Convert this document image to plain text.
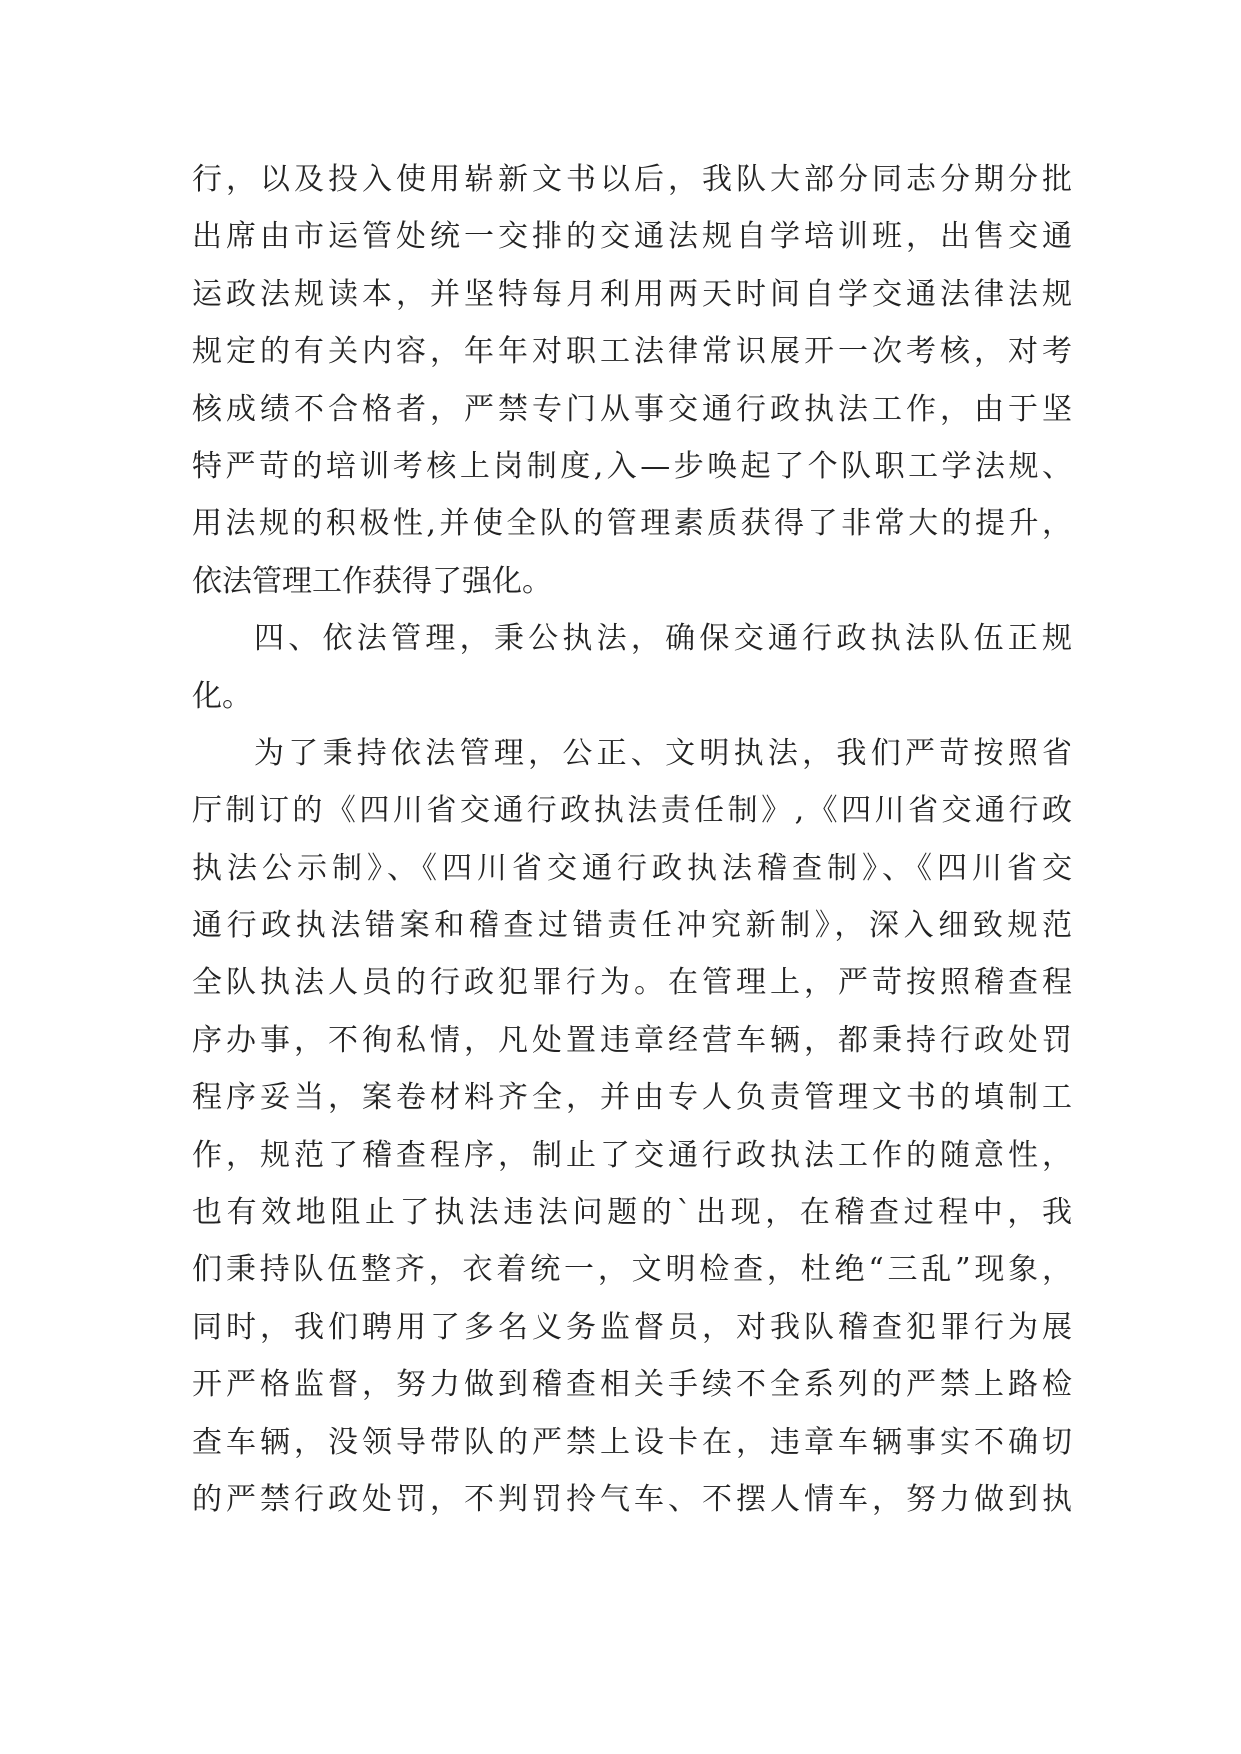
行，以及投入使用崭新文书以后，我队大部分同志分期分批
出席由市运管处统一交排的交通法规自学培训班，出售交通
运政法规读本，并坚特每月利用两天时间自学交通法律法规
规定的有关内容，年年对职工法律常识展开一次考核，对考
核成绩不合格者，严禁专门从事交通行政执法工作，由于坚
特严苛的培训考核上岗制度,入—步唤起了个队职工学法规、
用法规的积极性,并使全队的管理素质获得了非常大的提升，
依法管理工作获得了强化。
四、依法管理，秉公执法，确保交通行政执法队伍正规
化。
为了秉持依法管理，公正、文明执法，我们严苛按照省
厅制订的《四川省交通行政执法责任制》,《四川省交通行政
执法公示制》、《四川省交通行政执法稽查制》、《四川省交
通行政执法错案和稽查过错责任冲究新制》，深入细致规范
全队执法人员的行政犯罪行为。在管理上，严苛按照稽查程
序办事，不徇私情，凡处置违章经营车辆，都秉持行政处罚
程序妥当，案卷材料齐全，并由专人负责管理文书的填制工
作，规范了稽查程序，制止了交通行政执法工作的随意性，
也有效地阻止了执法违法问题的`出现，在稽查过程中，我
们秉持队伍整齐，衣着统一，文明检查，杜绝“三乱”现象，
同时，我们聘用了多名义务监督员，对我队稽查犯罪行为展
开严格监督，努力做到稽查相关手续不全系列的严禁上路检
查车辆，没领导带队的严禁上设卡在，违章车辆事实不确切
的严禁行政处罚，不判罚拎气车、不摆人情车，努力做到执
